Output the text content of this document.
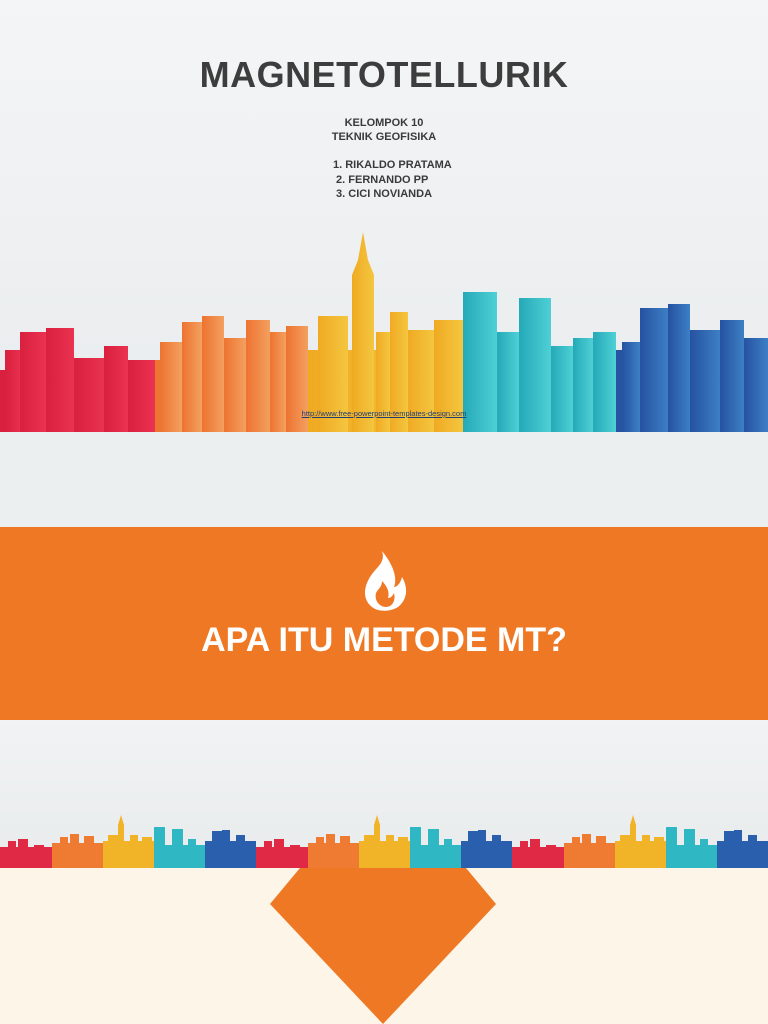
MAGNETOTELLURIK
KELOMPOK 10
TEKNIK GEOFISIKA
1. RIKALDO PRATAMA
2. FERNANDO PP
3. CICI NOVIANDA
http://www.free-powerpoint-templates-design.com
APA ITU METODE MT?
